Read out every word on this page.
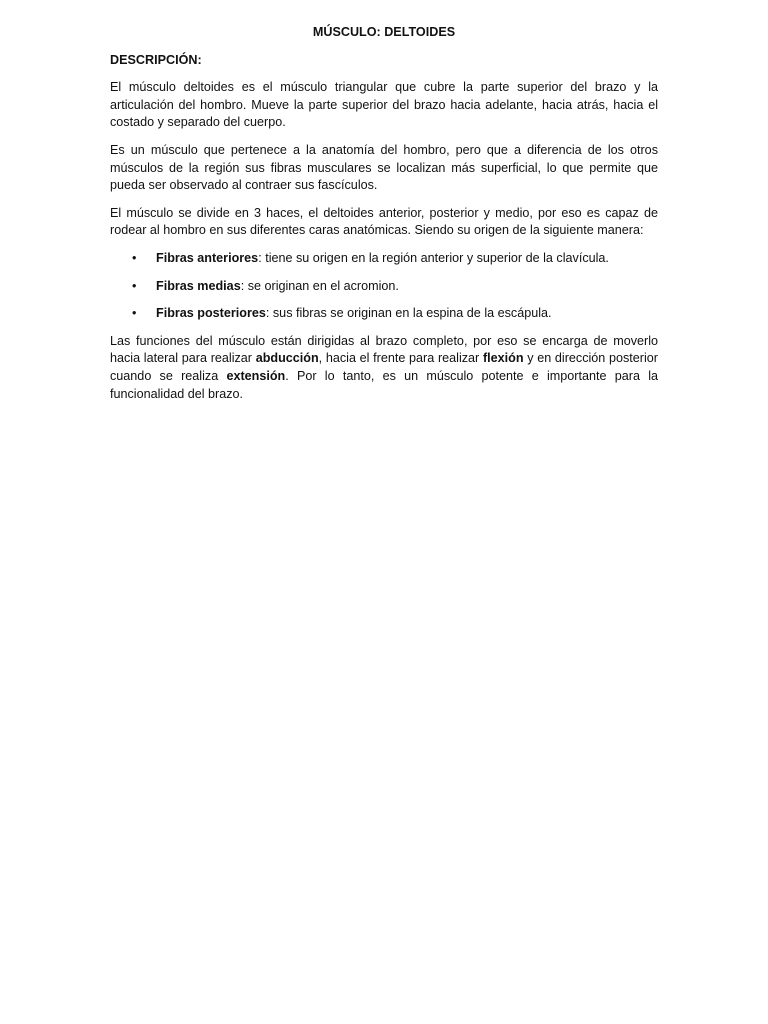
MÚSCULO: DELTOIDES
DESCRIPCIÓN:

El músculo deltoides es el músculo triangular que cubre la parte superior del brazo y la articulación del hombro. Mueve la parte superior del brazo hacia adelante, hacia atrás, hacia el costado y separado del cuerpo.

Es un músculo que pertenece a la anatomía del hombro, pero que a diferencia de los otros músculos de la región sus fibras musculares se localizan más superficial, lo que permite que pueda ser observado al contraer sus fascículos.

El músculo se divide en 3 haces, el deltoides anterior, posterior y medio, por eso es capaz de rodear al hombro en sus diferentes caras anatómicas. Siendo su origen de la siguiente manera:

• Fibras anteriores: tiene su origen en la región anterior y superior de la clavícula.
• Fibras medias: se originan en el acromion.
• Fibras posteriores: sus fibras se originan en la espina de la escápula.

Las funciones del músculo están dirigidas al brazo completo, por eso se encarga de moverlo hacia lateral para realizar abducción, hacia el frente para realizar flexión y en dirección posterior cuando se realiza extensión. Por lo tanto, es un músculo potente e importante para la funcionalidad del brazo.
